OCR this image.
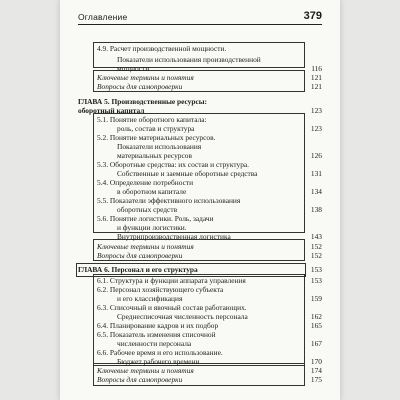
Оглавление	379
4.9. Расчет производственной мощности.
Показатели использования производственной
мощности	116
Ключевые термины и понятия	121
Вопросы для самопроверки	121
ГЛАВА 5. Производственные ресурсы:
оборотный капитал	123
5.1. Понятие оборотного капитала:
роль, состав и структура	123
5.2. Понятие материальных ресурсов.
Показатели использования
материальных ресурсов	126
5.3. Оборотные средства: их состав и структура.
Собственные и заемные оборотные средства	131
5.4. Определение потребности
в оборотном капитале	134
5.5. Показатели эффективного использования
оборотных средств	138
5.6. Понятие логистики. Роль, задачи
и функции логистики.
Внутрипроизводственная логистика	143
Ключевые термины и понятия	152
Вопросы для самопроверки	152
ГЛАВА 6. Персонал и его структура	153
6.1. Структура и функции аппарата управления	153
6.2. Персонал хозяйствующего субъекта
и его классификация	159
6.3. Списочный и явочный состав работающих.
Среднесписочная численность персонала	162
6.4. Планирование кадров и их подбор	165
6.5. Показатель изменения списочной
численности персонала	167
6.6. Рабочее время и его использование.
Бюджет рабочего времени	170
Ключевые термины и понятия	174
Вопросы для самопроверки	175
